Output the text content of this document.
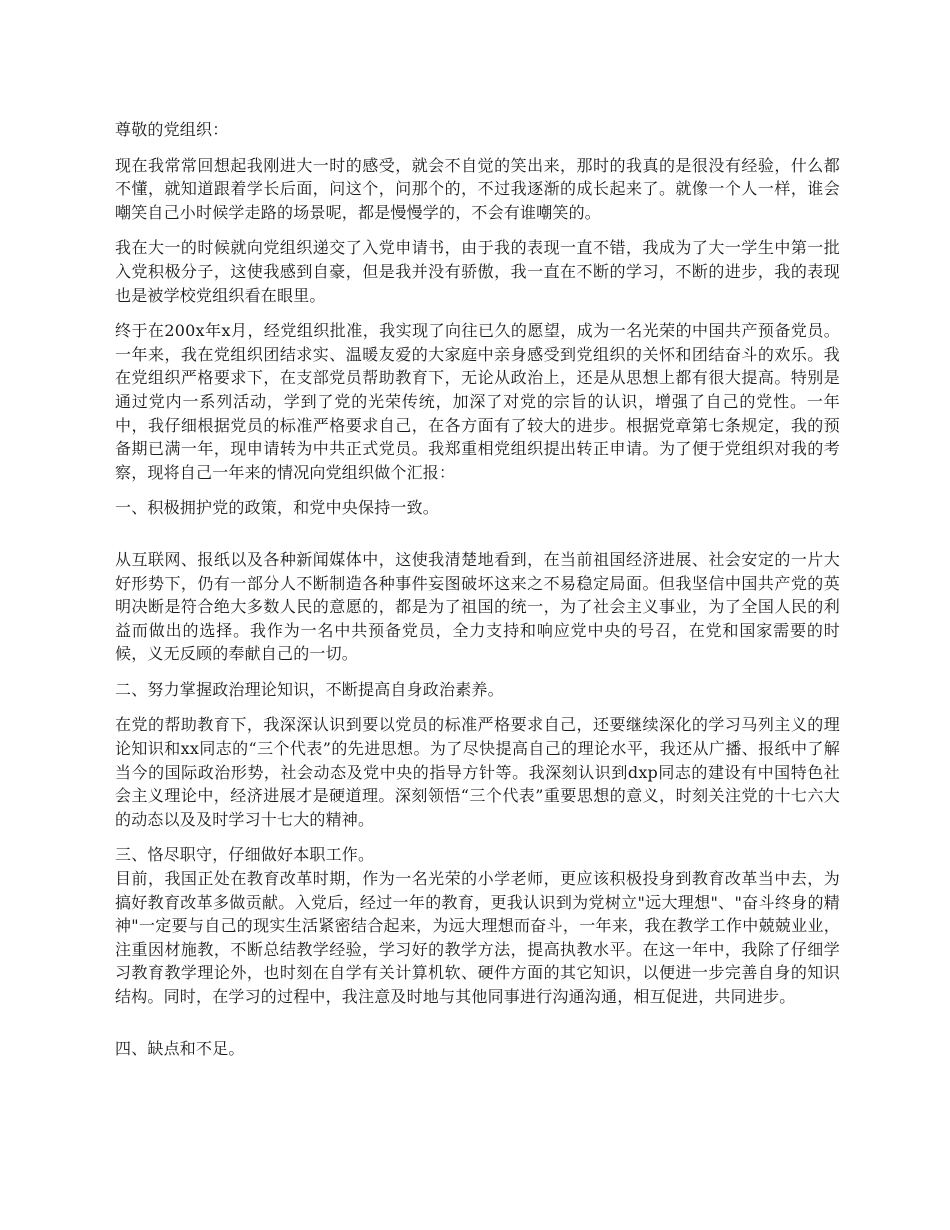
尊敬的党组织：

现在我常常回想起我刚进大一时的感受，就会不自觉的笑出来，那时的我真的是很没有经验，什么都不懂，就知道跟着学长后面，问这个，问那个的，不过我逐渐的成长起来了。就像一个人一样，谁会嘲笑自己小时候学走路的场景呢，都是慢慢学的，不会有谁嘲笑的。

我在大一的时候就向党组织递交了入党申请书，由于我的表现一直不错，我成为了大一学生中第一批入党积极分子，这使我感到自豪，但是我并没有骄傲，我一直在不断的学习，不断的进步，我的表现也是被学校党组织看在眼里。

终于在200x年x月，经党组织批准，我实现了向往已久的愿望，成为一名光荣的中国共产预备党员。一年来，我在党组织团结求实、温暖友爱的大家庭中亲身感受到党组织的关怀和团结奋斗的欢乐。我在党组织严格要求下，在支部党员帮助教育下，无论从政治上，还是从思想上都有很大提高。特别是通过党内一系列活动，学到了党的光荣传统，加深了对党的宗旨的认识，增强了自己的党性。一年中，我仔细根据党员的标准严格要求自己，在各方面有了较大的进步。根据党章第七条规定，我的预备期已满一年，现申请转为中共正式党员。我郑重相党组织提出转正申请。为了便于党组织对我的考察，现将自己一年来的情况向党组织做个汇报：

一、积极拥护党的政策，和党中央保持一致。

从互联网、报纸以及各种新闻媒体中，这使我清楚地看到，在当前祖国经济进展、社会安定的一片大好形势下，仍有一部分人不断制造各种事件妄图破坏这来之不易稳定局面。但我坚信中国共产党的英明决断是符合绝大多数人民的意愿的，都是为了祖国的统一，为了社会主义事业，为了全国人民的利益而做出的选择。我作为一名中共预备党员，全力支持和响应党中央的号召，在党和国家需要的时候，义无反顾的奉献自己的一切。

二、努力掌握政治理论知识，不断提高自身政治素养。

在党的帮助教育下，我深深认识到要以党员的标准严格要求自己，还要继续深化的学习马列主义的理论知识和xx同志的“三个代表”的先进思想。为了尽快提高自己的理论水平，我还从广播、报纸中了解当今的国际政治形势，社会动态及党中央的指导方针等。我深刻认识到dxp同志的建设有中国特色社会主义理论中，经济进展才是硬道理。深刻领悟“三个代表”重要思想的意义，时刻关注党的十七六大的动态以及及时学习十七大的精神。

三、恪尽职守，仔细做好本职工作。

目前，我国正处在教育改革时期，作为一名光荣的小学老师，更应该积极投身到教育改革当中去，为搞好教育改革多做贡献。入党后，经过一年的教育，更我认识到为党树立"远大理想"、"奋斗终身的精神"一定要与自己的现实生活紧密结合起来，为远大理想而奋斗，一年来，我在教学工作中兢兢业业，注重因材施教，不断总结教学经验，学习好的教学方法，提高执教水平。在这一年中，我除了仔细学习教育教学理论外，也时刻在自学有关计算机软、硬件方面的其它知识，以便进一步完善自身的知识结构。同时，在学习的过程中，我注意及时地与其他同事进行沟通沟通，相互促进，共同进步。

四、缺点和不足。
